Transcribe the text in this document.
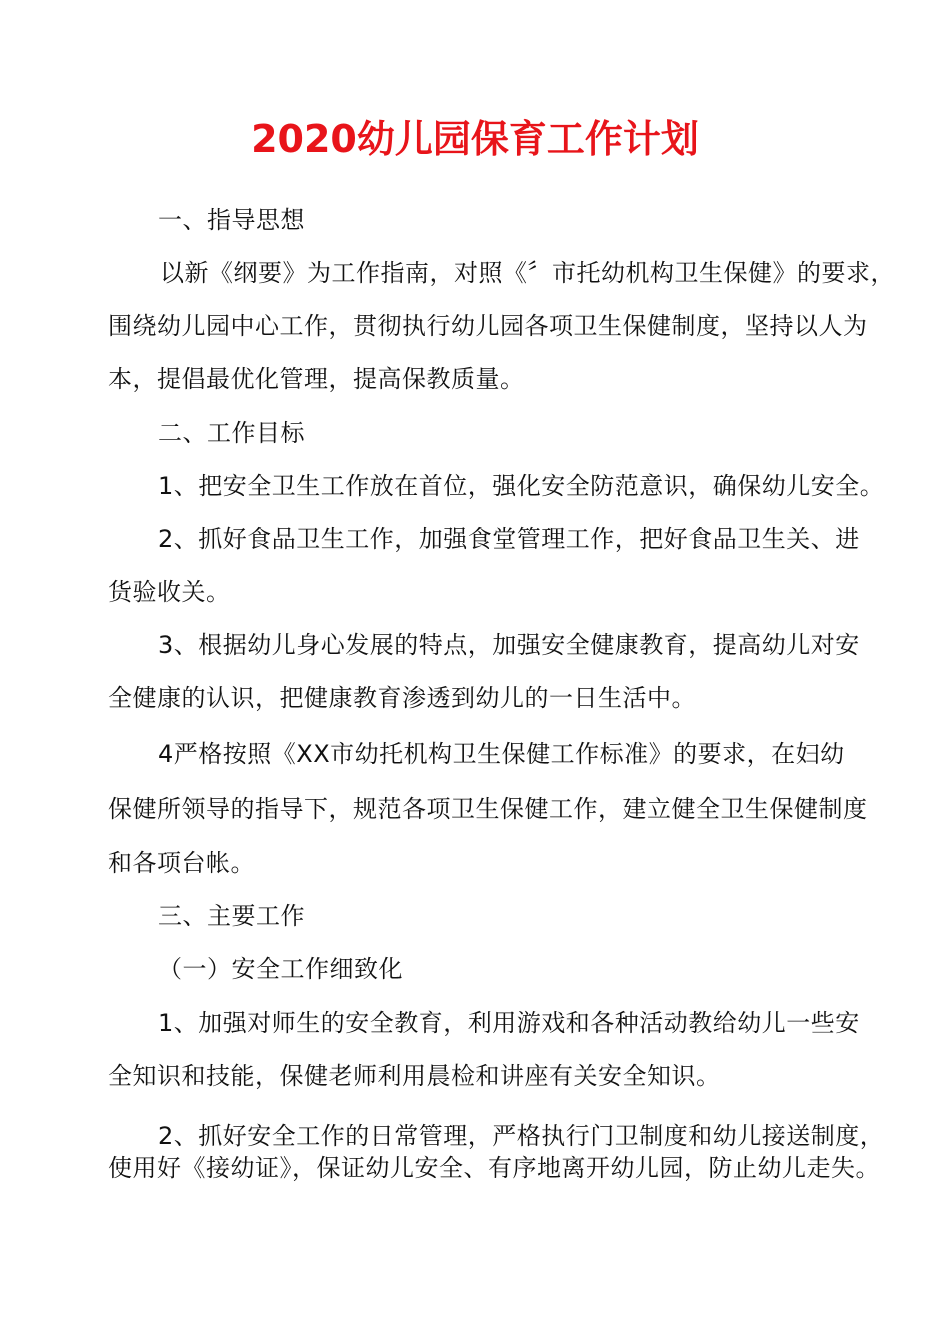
2020幼儿园保育工作计划
一、指导思想
以新《纲要》为工作指南，对照《〞市托幼机构卫生保健》的要求，
围绕幼儿园中心工作，贯彻执行幼儿园各项卫生保健制度，坚持以人为
本，提倡最优化管理，提高保教质量。
二、工作目标
1、把安全卫生工作放在首位，强化安全防范意识，确保幼儿安全。
2、抓好食品卫生工作，加强食堂管理工作，把好食品卫生关、进
货验收关。
3、根据幼儿身心发展的特点，加强安全健康教育，提高幼儿对安
全健康的认识，把健康教育渗透到幼儿的一日生活中。
4严格按照《XX市幼托机构卫生保健工作标准》的要求，在妇幼
保健所领导的指导下，规范各项卫生保健工作，建立健全卫生保健制度
和各项台帐。
三、主要工作
（一）安全工作细致化
1、加强对师生的安全教育，利用游戏和各种活动教给幼儿一些安
全知识和技能，保健老师利用晨检和讲座有关安全知识。
2、抓好安全工作的日常管理，严格执行门卫制度和幼儿接送制度，
使用好《接幼证》，保证幼儿安全、有序地离开幼儿园，防止幼儿走失。
